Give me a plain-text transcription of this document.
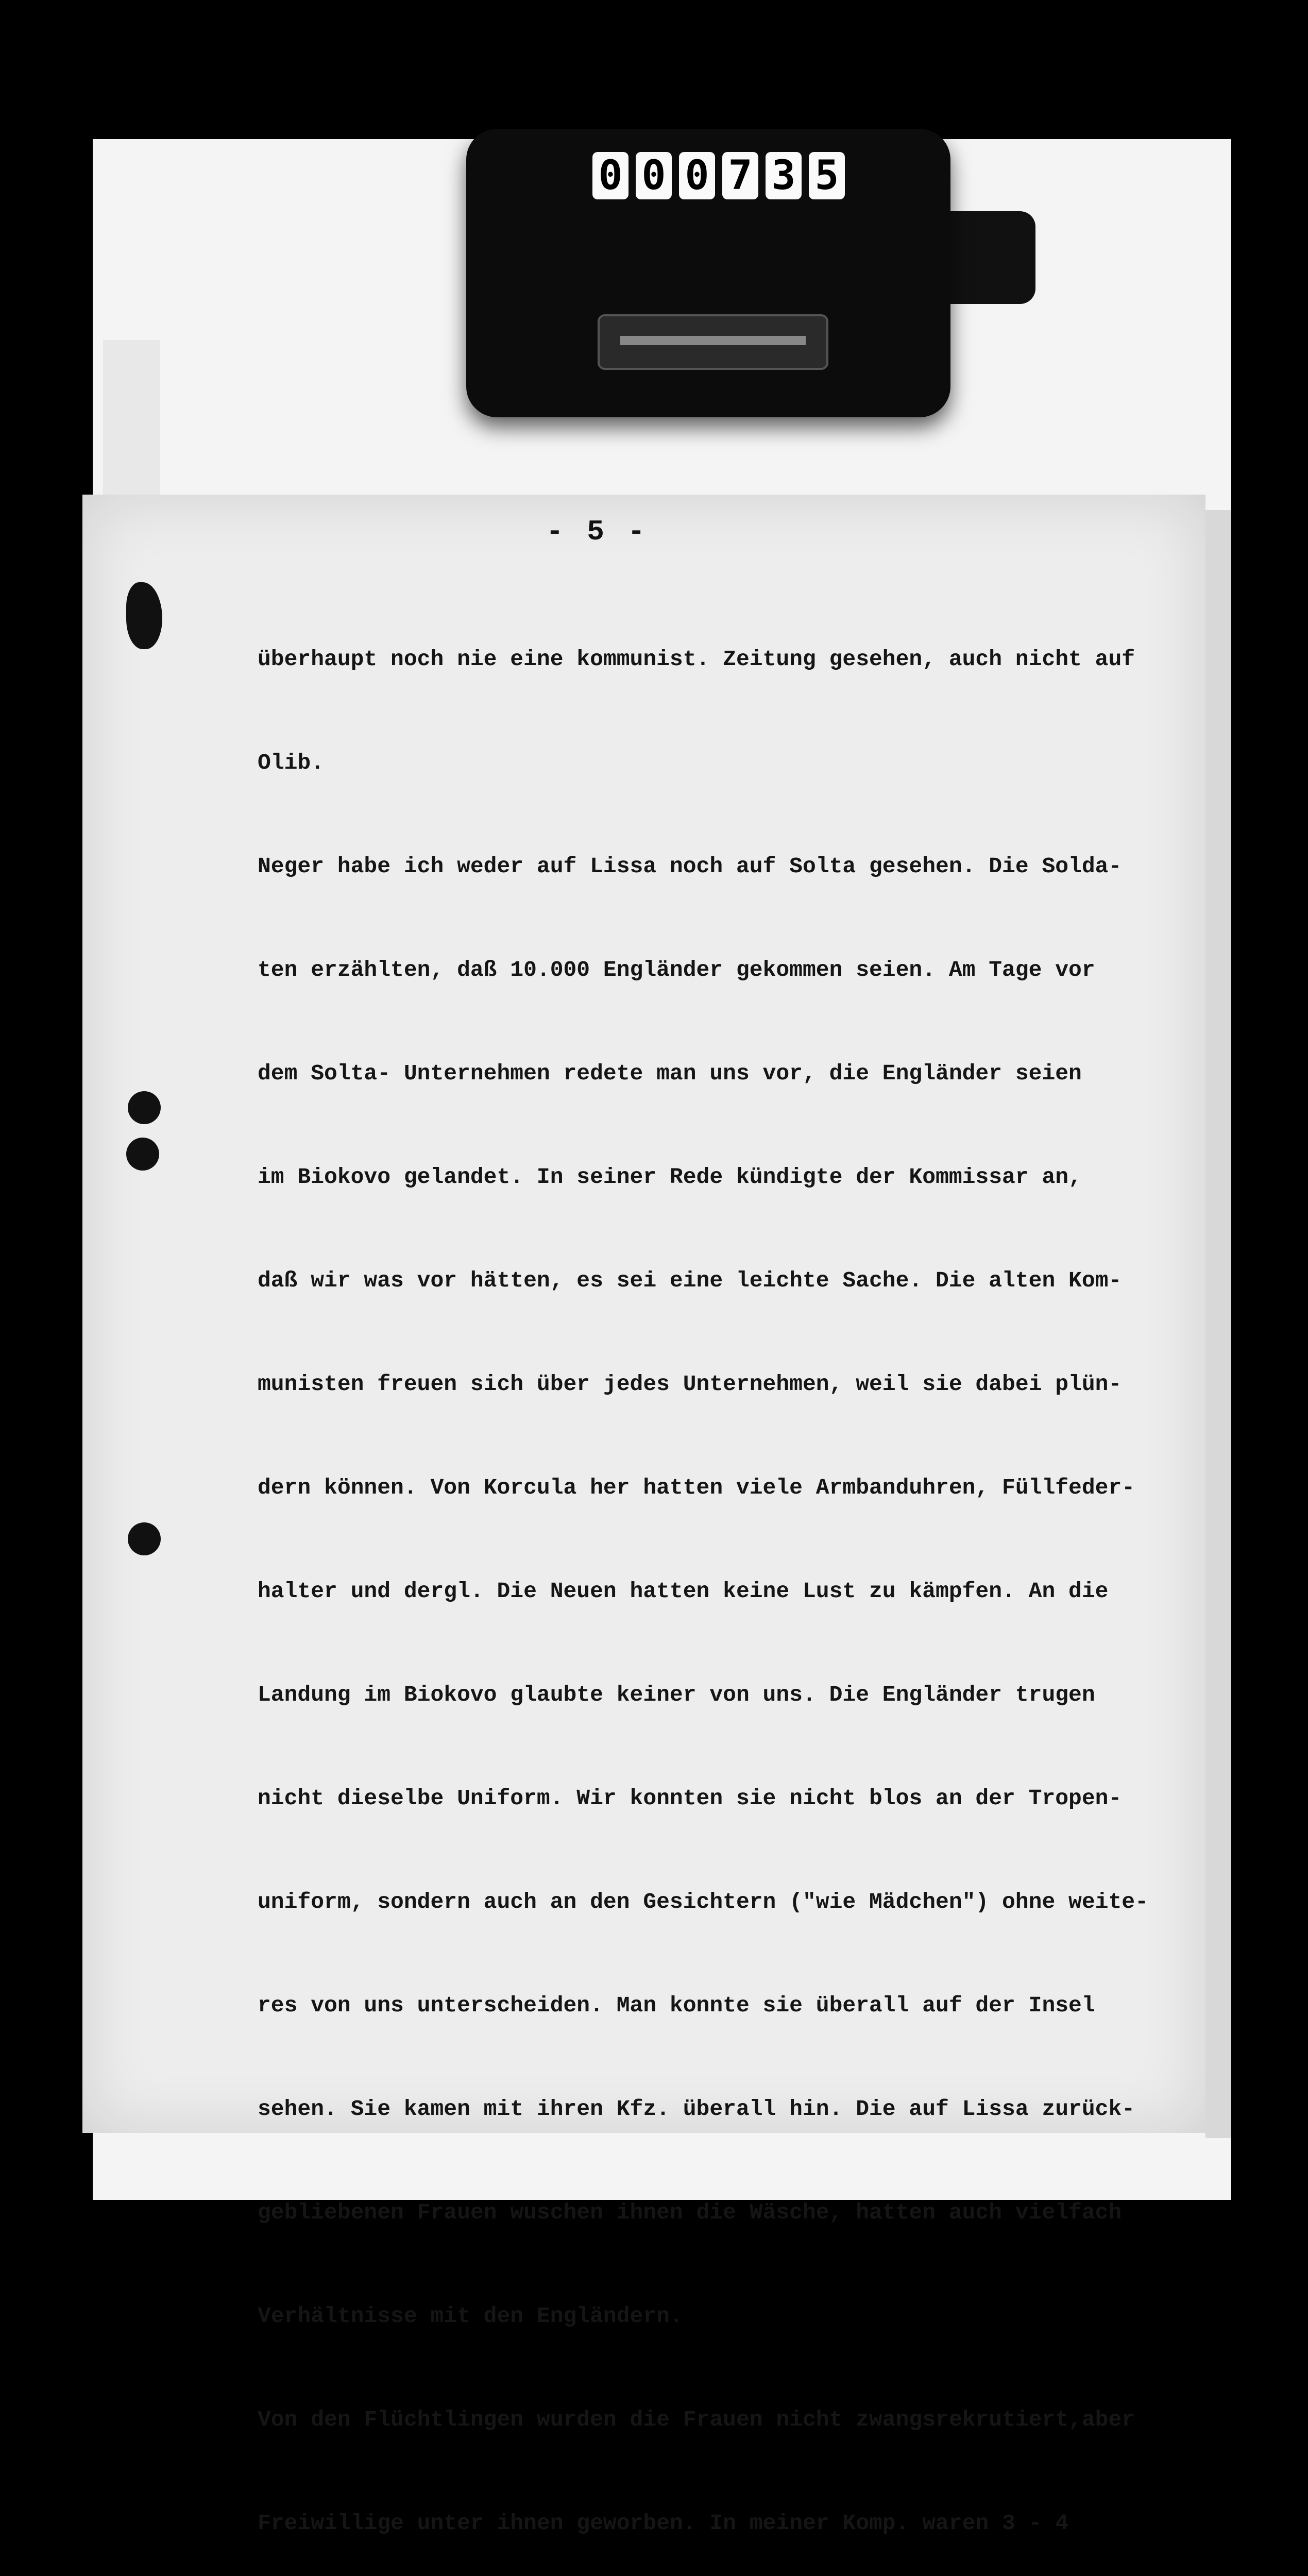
0 0 0 7 3 5
- 5 -

überhaupt noch nie eine kommunist. Zeitung gesehen, auch nicht auf

Olib.

Neger habe ich weder auf Lissa noch auf Solta gesehen. Die Solda-

ten erzählten, daß 10.000 Engländer gekommen seien. Am Tage vor

dem Solta- Unternehmen redete man uns vor, die Engländer seien

im Biokovo gelandet. In seiner Rede kündigte der Kommissar an,

daß wir was vor hätten, es sei eine leichte Sache. Die alten Kom-

munisten freuen sich über jedes Unternehmen, weil sie dabei plün-

dern können. Von Korcula her hatten viele Armbanduhren, Füllfeder-

halter und dergl. Die Neuen hatten keine Lust zu kämpfen. An die

Landung im Biokovo glaubte keiner von uns. Die Engländer trugen

nicht dieselbe Uniform. Wir konnten sie nicht blos an der Tropen-

uniform, sondern auch an den Gesichtern ("wie Mädchen") ohne weite-

res von uns unterscheiden. Man konnte sie überall auf der Insel

sehen. Sie kamen mit ihren Kfz. überall hin. Die auf Lissa zurück-

gebliebenen Frauen wuschen ihnen die Wäsche, hatten auch vielfach

Verhältnisse mit den Engländern.

Von den Flüchtlingen wurden die Frauen nicht zwangsrekrutiert,aber

Freiwillige unter ihnen geworben. In meiner Komp. waren 3 - 4
